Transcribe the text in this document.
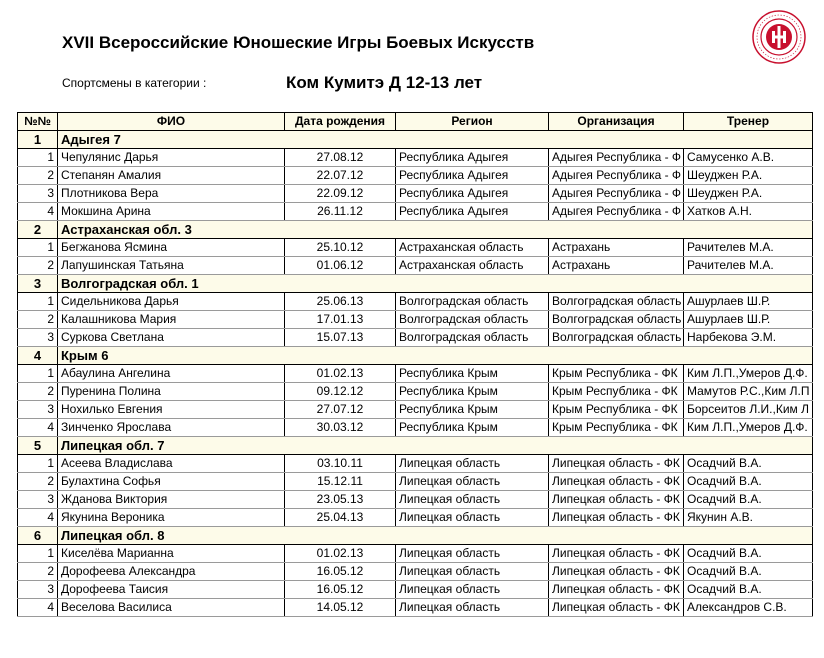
XVII Всероссийские Юношеские Игры Боевых Искусств
Спортсмены в категории :	Ком Кумитэ Д 12-13 лет
№№	ФИО	Дата рождения	Регион	Организация	Тренер
1	Адыгея 7				
1	Чепулянис Дарья	27.08.12	Республика Адыгея	Адыгея Республика - Ф	Самусенко А.В.
2	Степанян Амалия	22.07.12	Республика Адыгея	Адыгея Республика - Ф	Шеуджен Р.А.
3	Плотникова Вера	22.09.12	Республика Адыгея	Адыгея Республика - Ф	Шеуджен Р.А.
4	Мокшина Арина	26.11.12	Республика Адыгея	Адыгея Республика - Ф	Хатков А.Н.
2	Астраханская обл. 3				
1	Бегжанова Ясмина	25.10.12	Астраханская область	Астрахань	Рачителев М.А.
2	Лапушинская Татьяна	01.06.12	Астраханская область	Астрахань	Рачителев М.А.
3	Волгоградская обл. 1				
1	Сидельникова Дарья	25.06.13	Волгоградская область	Волгоградская область	Ашурлаев Ш.Р.
2	Калашникова Мария	17.01.13	Волгоградская область	Волгоградская область	Ашурлаев Ш.Р.
3	Суркова Светлана	15.07.13	Волгоградская область	Волгоградская область	Нарбекова Э.М.
4	Крым 6				
1	Абаулина Ангелина	01.02.13	Республика Крым	Крым Республика - ФК	Ким Л.П.,Умеров Д.Ф.
2	Пуренина Полина	09.12.12	Республика Крым	Крым Республика - ФК	Мамутов Р.С.,Ким Л.П
3	Нохилько Евгения	27.07.12	Республика Крым	Крым Республика - ФК	Борсеитов Л.И.,Ким Л
4	Зинченко Ярослава	30.03.12	Республика Крым	Крым Республика - ФК	Ким Л.П.,Умеров Д.Ф.
5	Липецкая обл. 7				
1	Асеева Владислава	03.10.11	Липецкая область	Липецкая область - ФК	Осадчий В.А.
2	Булахтина Софья	15.12.11	Липецкая область	Липецкая область - ФК	Осадчий В.А.
3	Жданова Виктория	23.05.13	Липецкая область	Липецкая область - ФК	Осадчий В.А.
4	Якунина Вероника	25.04.13	Липецкая область	Липецкая область - ФК	Якунин А.В.
6	Липецкая обл. 8				
1	Киселёва Марианна	01.02.13	Липецкая область	Липецкая область - ФК	Осадчий В.А.
2	Дорофеева Александра	16.05.12	Липецкая область	Липецкая область - ФК	Осадчий В.А.
3	Дорофеева Таисия	16.05.12	Липецкая область	Липецкая область - ФК	Осадчий В.А.
4	Веселова Василиса	14.05.12	Липецкая область	Липецкая область - ФК	Александров С.В.
